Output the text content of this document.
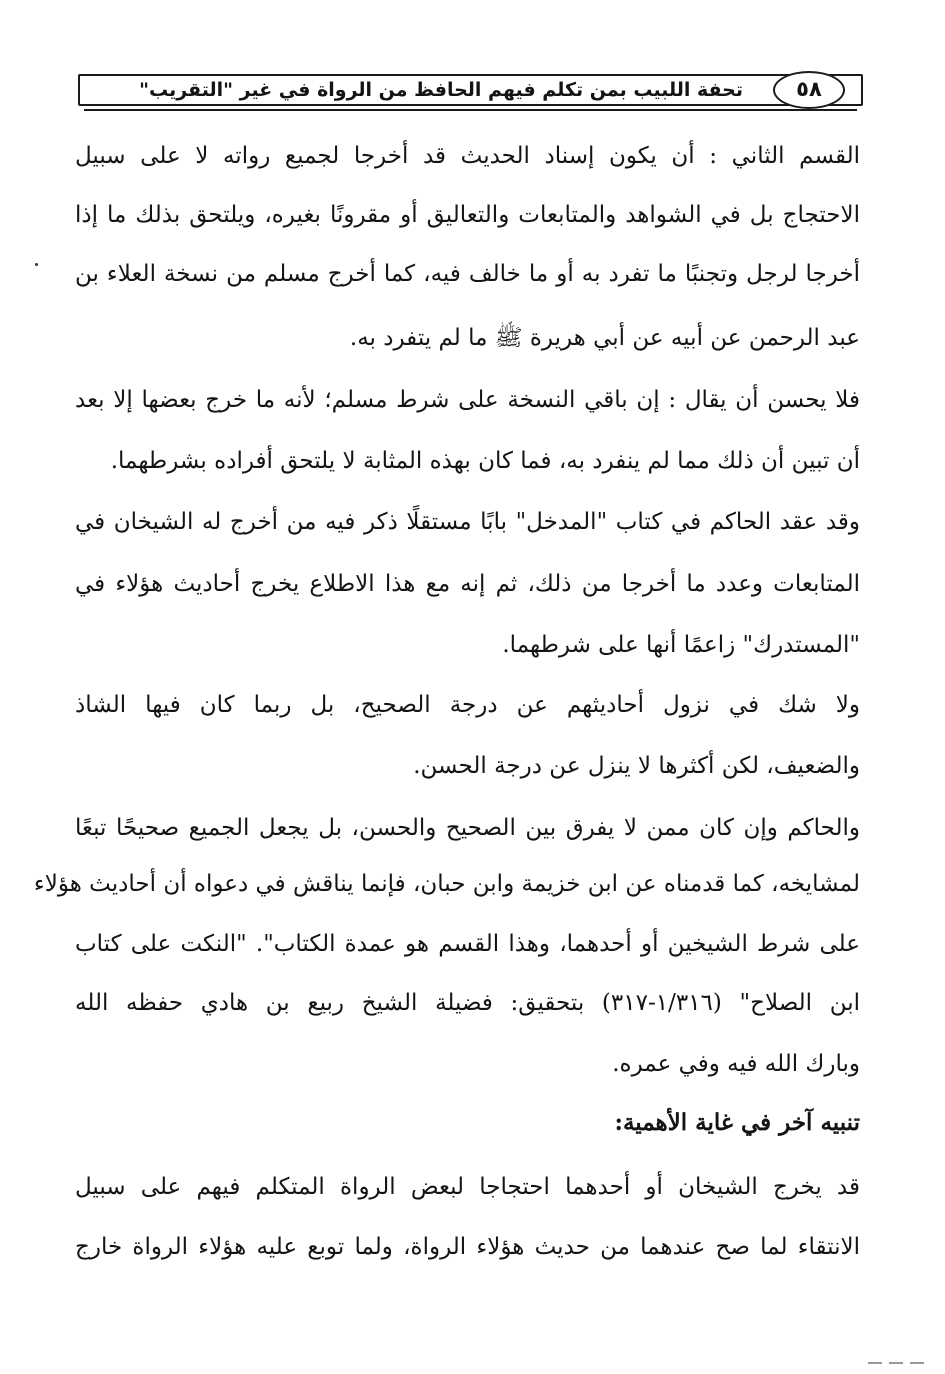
تحفة اللبيب بمن تكلم فيهم الحافظ من الرواة في غير "التقريب"	٥٨
القسم الثاني : أن يكون إسناد الحديث قد أخرجا لجميع رواته لا على سبيل
الاحتجاج بل في الشواهد والمتابعات والتعاليق أو مقرونًا بغيره، ويلتحق بذلك ما إذا
أخرجا لرجل وتجنبًا ما تفرد به أو ما خالف فيه، كما أخرج مسلم من نسخة العلاء بن
عبد الرحمن عن أبيه عن أبي هريرة ﷺ ما لم يتفرد به.
فلا يحسن أن يقال : إن باقي النسخة على شرط مسلم؛ لأنه ما خرج بعضها إلا بعد
أن تبين أن ذلك مما لم ينفرد به، فما كان بهذه المثابة لا يلتحق أفراده بشرطهما.
وقد عقد الحاكم في كتاب "المدخل" بابًا مستقلًا ذكر فيه من أخرج له الشيخان في
المتابعات وعدد ما أخرجا من ذلك، ثم إنه مع هذا الاطلاع يخرج أحاديث هؤلاء في
"المستدرك" زاعمًا أنها على شرطهما.
ولا شك في نزول أحاديثهم عن درجة الصحيح، بل ربما كان فيها الشاذ
والضعيف، لكن أكثرها لا ينزل عن درجة الحسن.
والحاكم وإن كان ممن لا يفرق بين الصحيح والحسن، بل يجعل الجميع صحيحًا تبعًا
لمشايخه، كما قدمناه عن ابن خزيمة وابن حبان، فإنما يناقش في دعواه أن أحاديث هؤلاء
على شرط الشيخين أو أحدهما، وهذا القسم هو عمدة الكتاب". "النكت على كتاب
ابن الصلاح" (١/٣١٦-٣١٧) بتحقيق: فضيلة الشيخ ربيع بن هادي حفظه الله
وبارك الله فيه وفي عمره.
تنبيه آخر في غاية الأهمية:
قد يخرج الشيخان أو أحدهما احتجاجا لبعض الرواة المتكلم فيهم على سبيل
الانتقاء لما صح عندهما من حديث هؤلاء الرواة، ولما توبع عليه هؤلاء الرواة خارج
